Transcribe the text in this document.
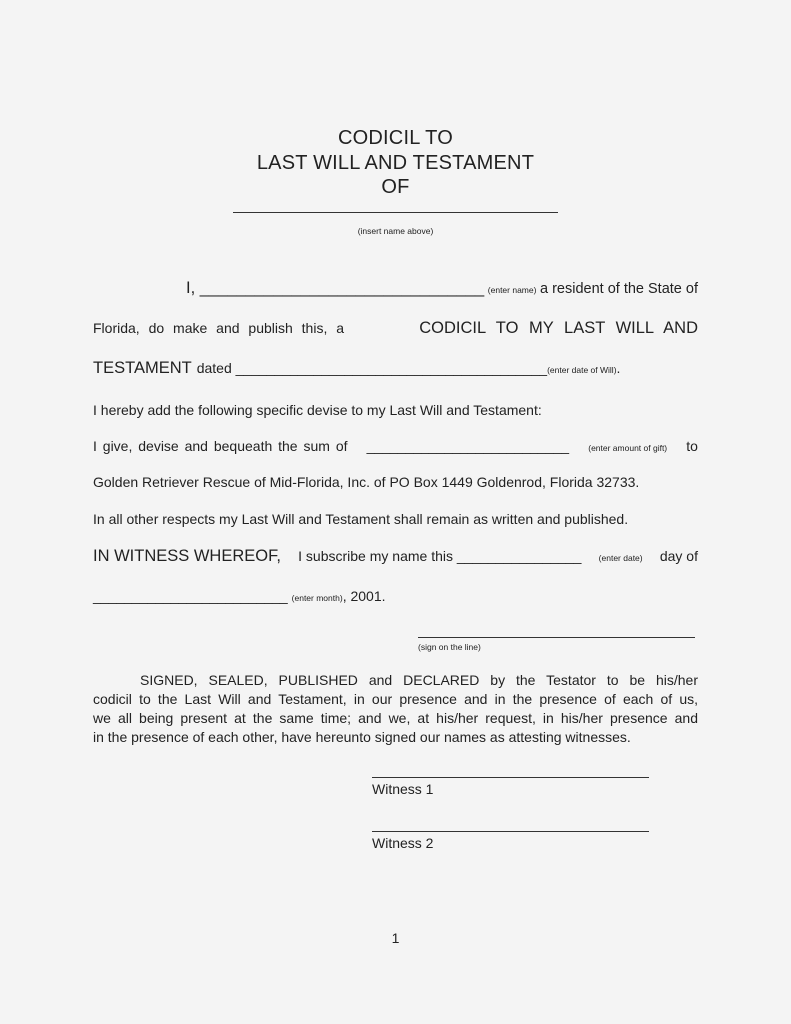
CODICIL TO
LAST WILL AND TESTAMENT
OF
(insert name above)
I, _______________________________ (enter name) a resident of the State of
Florida, do make and publish this, a	CODICIL TO MY LAST WILL AND
TESTAMENT dated ________________________________________ (enter date of Will) .
I hereby add the following specific devise to my Last Will and Testament:
I give, devise and bequeath the sum of __________________________ (enter amount of gift) to
Golden Retriever Rescue of Mid-Florida, Inc. of PO Box 1449 Goldenrod, Florida 32733.
In all other respects my Last Will and Testament shall remain as written and published.
IN WITNESS WHEREOF, I subscribe my name this ________________ (enter date) day of
_________________________ (enter month) , 2001.
(sign on the line)
SIGNED, SEALED, PUBLISHED and DECLARED by the Testator to be his/her
codicil to the Last Will and Testament, in our presence and in the presence of each of us,
we all being present at the same time; and we, at his/her request, in his/her presence and
in the presence of each other, have hereunto signed our names as attesting witnesses.
Witness 1
Witness 2
1
